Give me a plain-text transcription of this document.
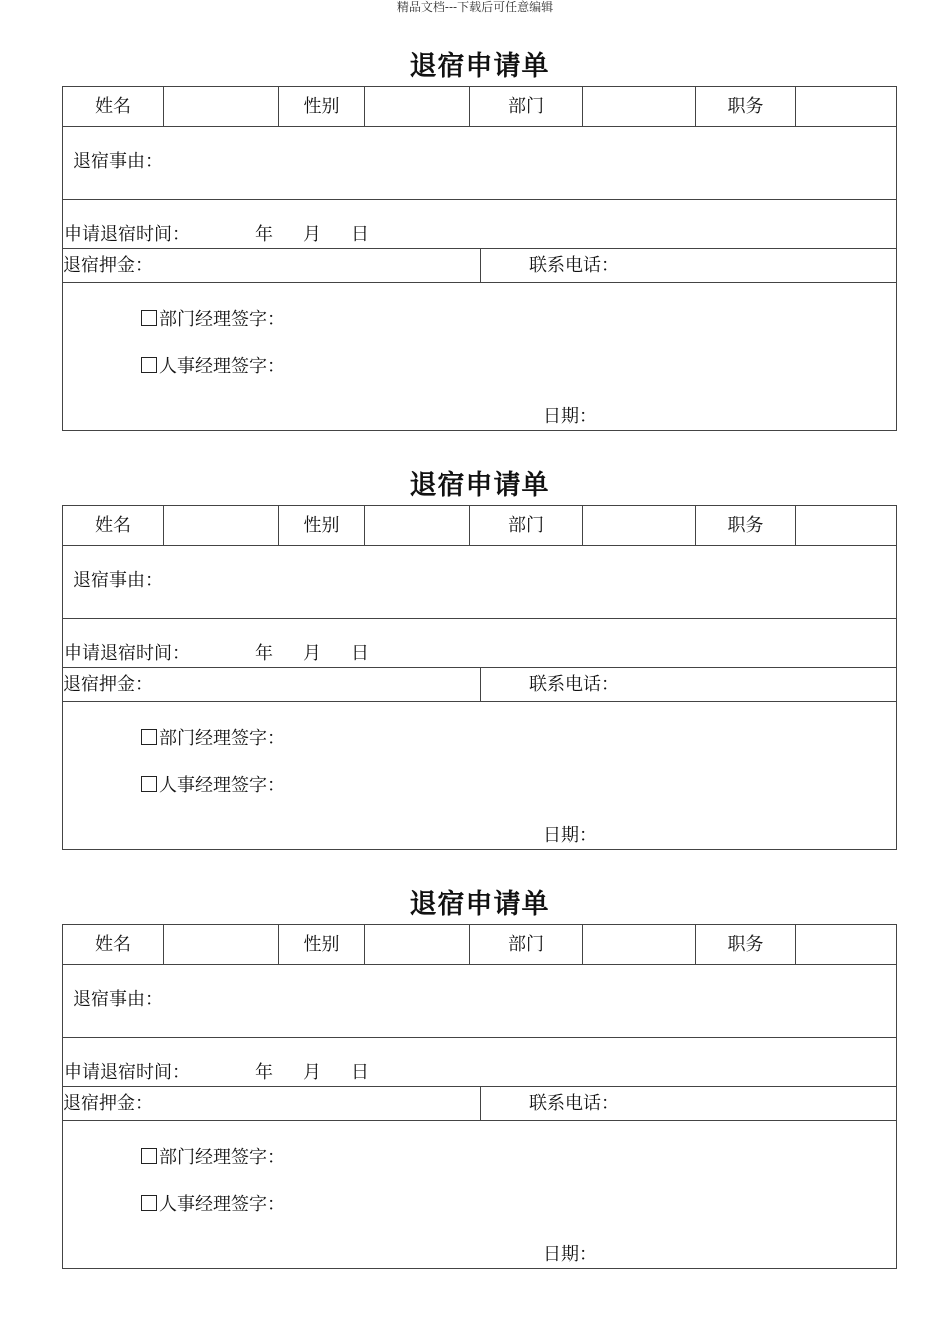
精品文档---下载后可任意编辑
退宿申请单
姓名	性别	部门	职务
退宿事由：
申请退宿时间：	年 月 日
退宿押金：	联系电话：
部门经理签字：
人事经理签字：
日期：
退宿申请单
姓名	性别	部门	职务
退宿事由：
申请退宿时间：	年 月 日
退宿押金：	联系电话：
部门经理签字：
人事经理签字：
日期：
退宿申请单
姓名	性别	部门	职务
退宿事由：
申请退宿时间：	年 月 日
退宿押金：	联系电话：
部门经理签字：
人事经理签字：
日期：
